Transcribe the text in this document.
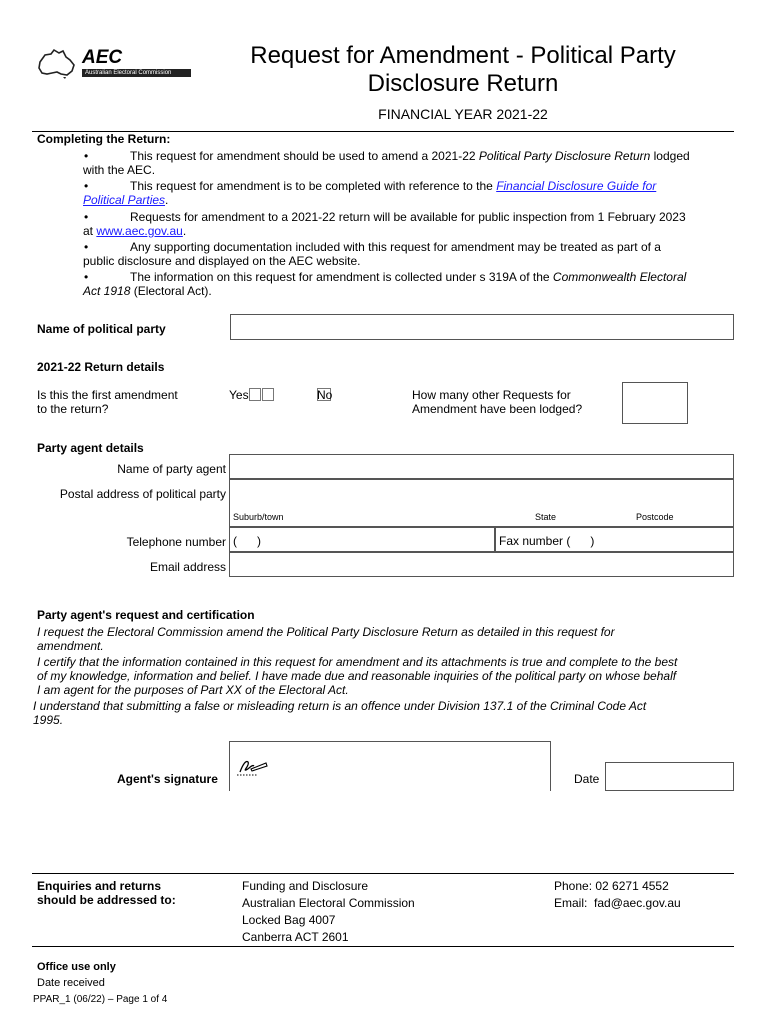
AEC
Australian Electoral Commission
Request for Amendment - Political Party
Disclosure Return
FINANCIAL YEAR 2021-22
Completing the Return:
•	This request for amendment should be used to amend a 2021-22 Political Party Disclosure Return lodged
with the AEC.
•	This request for amendment is to be completed with reference to the Financial Disclosure Guide for
Political Parties.
•	Requests for amendment to a 2021-22 return will be available for public inspection from 1 February 2023
at www.aec.gov.au.
•	Any supporting documentation included with this request for amendment may be treated as part of a
public disclosure and displayed on the AEC website.
•	The information on this request for amendment is collected under s 319A of the Commonwealth Electoral
Act 1918 (Electoral Act).
Name of political party
2021-22 Return details
Is this the first amendment
to the return?
Yes	No	How many other Requests for
Amendment have been lodged?
Party agent details
Name of party agent
Postal address of political party
Suburb/town	State	Postcode
Telephone number (      )	Fax number (      )
Email address
Party agent's request and certification
I request the Electoral Commission amend the Political Party Disclosure Return as detailed in this request for
amendment.
I certify that the information contained in this request for amendment and its attachments is true and complete to the best
of my knowledge, information and belief. I have made due and reasonable inquiries of the political party on whose behalf
I am agent for the purposes of Part XX of the Electoral Act.
I understand that submitting a false or misleading return is an offence under Division 137.1 of the Criminal Code Act
1995.
Agent's signature	Date
Enquiries and returns
should be addressed to:
Funding and Disclosure
Australian Electoral Commission
Locked Bag 4007
Canberra ACT 2601
Phone: 02 6271 4552
Email:  fad@aec.gov.au
Office use only
Date received
PPAR_1 (06/22) – Page 1 of 4
